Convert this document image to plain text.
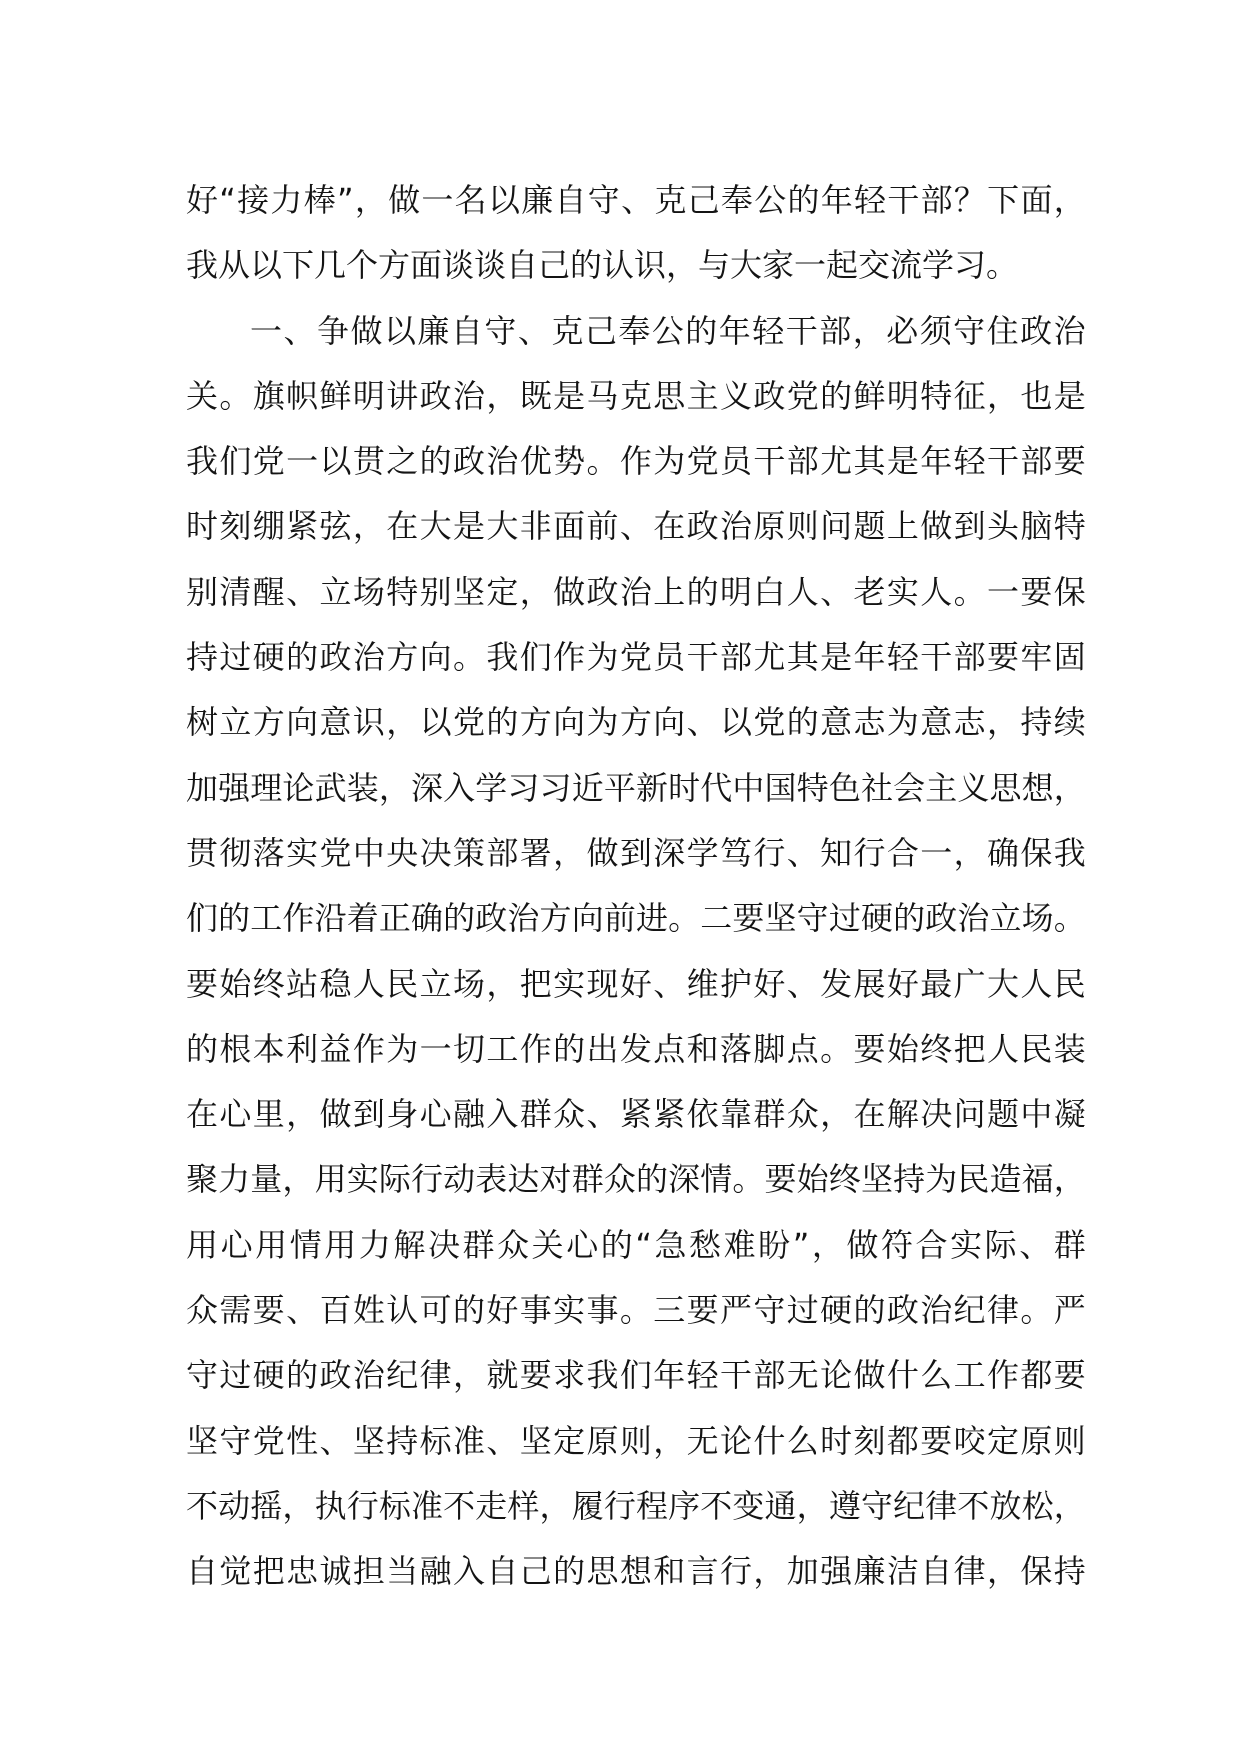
好 “ 接 力 棒 ” ， 做 一 名 以 廉 自 守 、 克 己 奉 公 的 年 轻 干 部 ？ 下 面 ，
我从以下几个方面谈谈自己的认识，与大家一起交流学习。
一 、 争 做 以 廉 自 守 、 克 己 奉 公 的 年 轻 干 部 ， 必 须 守 住 政 治
关 。 旗 帜 鲜 明 讲 政 治 ， 既 是 马 克 思 主 义 政 党 的 鲜 明 特 征 ， 也 是
我 们 党 一 以 贯 之 的 政 治 优 势 。 作 为 党 员 干 部 尤 其 是 年 轻 干 部 要
时 刻 绷 紧 弦 ， 在 大 是 大 非 面 前 、 在 政 治 原 则 问 题 上 做 到 头 脑 特
别 清 醒 、 立 场 特 别 坚 定 ， 做 政 治 上 的 明 白 人 、 老 实 人 。 一 要 保
持 过 硬 的 政 治 方 向 。 我 们 作 为 党 员 干 部 尤 其 是 年 轻 干 部 要 牢 固
树 立 方 向 意 识 ， 以 党 的 方 向 为 方 向 、 以 党 的 意 志 为 意 志 ， 持 续
加 强 理 论 武 装 ， 深 入 学 习 习 近 平 新 时 代 中 国 特 色 社 会 主 义 思 想 ，
贯 彻 落 实 党 中 央 决 策 部 署 ， 做 到 深 学 笃 行 、 知 行 合 一 ， 确 保 我
们 的 工 作 沿 着 正 确 的 政 治 方 向 前 进 。 二 要 坚 守 过 硬 的 政 治 立 场 。
要 始 终 站 稳 人 民 立 场 ， 把 实 现 好 、 维 护 好 、 发 展 好 最 广 大 人 民
的 根 本 利 益 作 为 一 切 工 作 的 出 发 点 和 落 脚 点 。 要 始 终 把 人 民 装
在 心 里 ， 做 到 身 心 融 入 群 众 、 紧 紧 依 靠 群 众 ， 在 解 决 问 题 中 凝
聚 力 量 ， 用 实 际 行 动 表 达 对 群 众 的 深 情 。 要 始 终 坚 持 为 民 造 福 ，
用 心 用 情 用 力 解 决 群 众 关 心 的 “ 急 愁 难 盼 ” ， 做 符 合 实 际 、 群
众 需 要 、 百 姓 认 可 的 好 事 实 事 。 三 要 严 守 过 硬 的 政 治 纪 律 。 严
守 过 硬 的 政 治 纪 律 ， 就 要 求 我 们 年 轻 干 部 无 论 做 什 么 工 作 都 要
坚 守 党 性 、 坚 持 标 准 、 坚 定 原 则 ， 无 论 什 么 时 刻 都 要 咬 定 原 则
不 动 摇 ， 执 行 标 准 不 走 样 ， 履 行 程 序 不 变 通 ， 遵 守 纪 律 不 放 松 ，
自 觉 把 忠 诚 担 当 融 入 自 己 的 思 想 和 言 行 ， 加 强 廉 洁 自 律 ， 保 持
